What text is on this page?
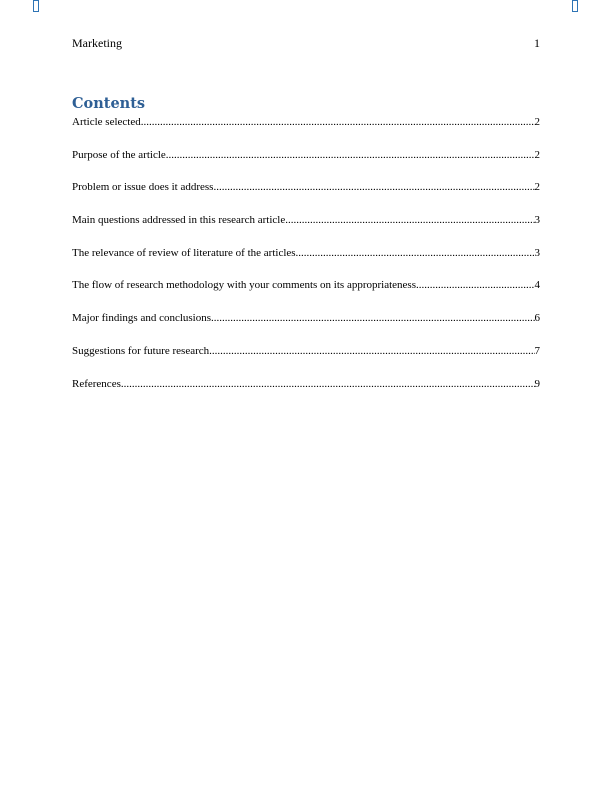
Marketing	1
Contents
Article selected .....	2
Purpose of the article .....	2
Problem or issue does it address .....	2
Main questions addressed in this research article .....	3
The relevance of review of literature of the articles .....	3
The flow of research methodology with your comments on its appropriateness .....	4
Major findings and conclusions .....	6
Suggestions for future research .....	7
References .....	9
